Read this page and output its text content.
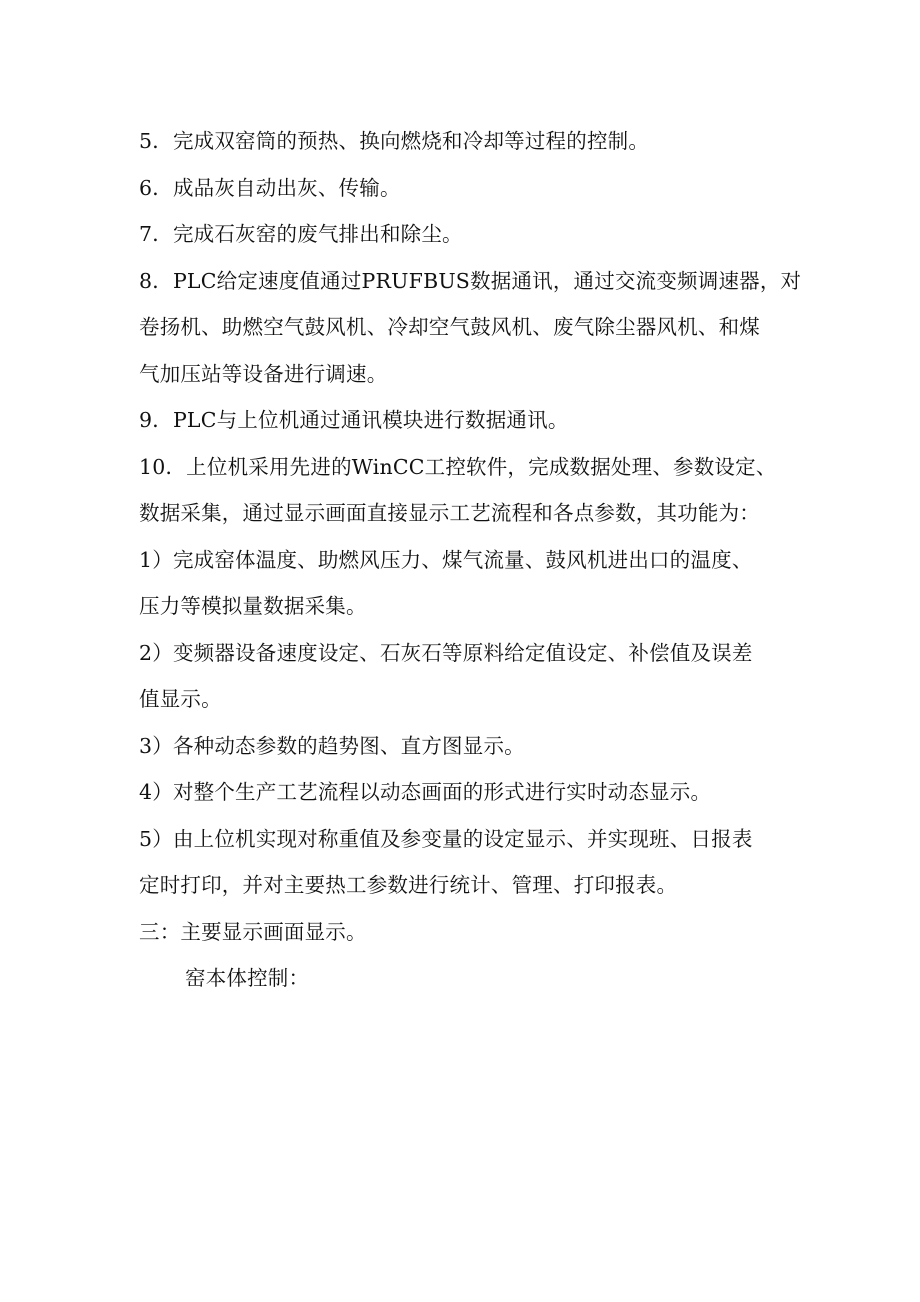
5．完成双窑筒的预热、换向燃烧和冷却等过程的控制。
6．成品灰自动出灰、传输。
7．完成石灰窑的废气排出和除尘。
8．PLC给定速度值通过PRUFBUS数据通讯，通过交流变频调速器，对
卷扬机、助燃空气鼓风机、冷却空气鼓风机、废气除尘器风机、和煤
气加压站等设备进行调速。
9．PLC与上位机通过通讯模块进行数据通讯。
10．上位机采用先进的WinCC工控软件，完成数据处理、参数设定、
数据采集，通过显示画面直接显示工艺流程和各点参数，其功能为：
1）完成窑体温度、助燃风压力、煤气流量、鼓风机进出口的温度、
压力等模拟量数据采集。
2）变频器设备速度设定、石灰石等原料给定值设定、补偿值及误差
值显示。
3）各种动态参数的趋势图、直方图显示。
4）对整个生产工艺流程以动态画面的形式进行实时动态显示。
5）由上位机实现对称重值及参变量的设定显示、并实现班、日报表
定时打印，并对主要热工参数进行统计、管理、打印报表。
三：主要显示画面显示。
窑本体控制：
